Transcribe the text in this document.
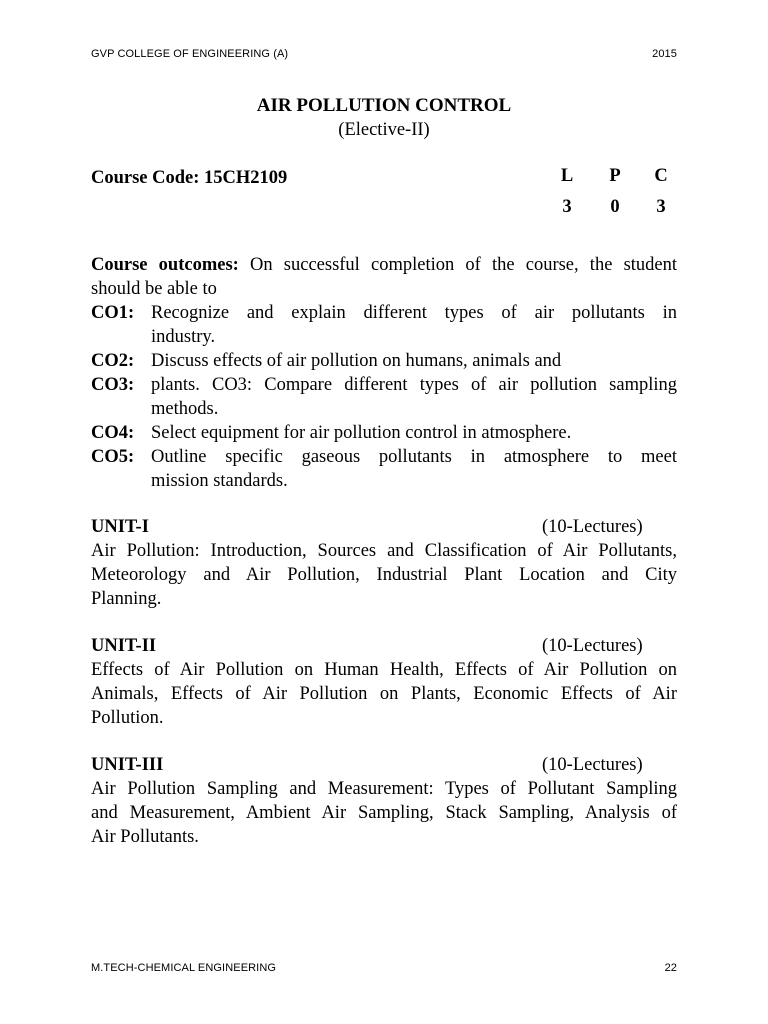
GVP COLLEGE OF ENGINEERING (A)	2015
AIR POLLUTION CONTROL
(Elective-II)
Course Code: 15CH2109	L P C
3 0 3
Course outcomes: On successful completion of the course, the student
should be able to
CO1: Recognize and explain different types of air pollutants in
industry.
CO2: Discuss effects of air pollution on humans, animals and
CO3: plants. CO3: Compare different types of air pollution sampling
methods.
CO4: Select equipment for air pollution control in atmosphere.
CO5: Outline specific gaseous pollutants in atmosphere to meet
mission standards.
UNIT-I	(10-Lectures)
Air Pollution: Introduction, Sources and Classification of Air Pollutants,
Meteorology and Air Pollution, Industrial Plant Location and City
Planning.
UNIT-II	(10-Lectures)
Effects of Air Pollution on Human Health, Effects of Air Pollution on
Animals, Effects of Air Pollution on Plants, Economic Effects of Air
Pollution.
UNIT-III	(10-Lectures)
Air Pollution Sampling and Measurement: Types of Pollutant Sampling
and Measurement, Ambient Air Sampling, Stack Sampling, Analysis of
Air Pollutants.
M.TECH-CHEMICAL ENGINEERING	22
